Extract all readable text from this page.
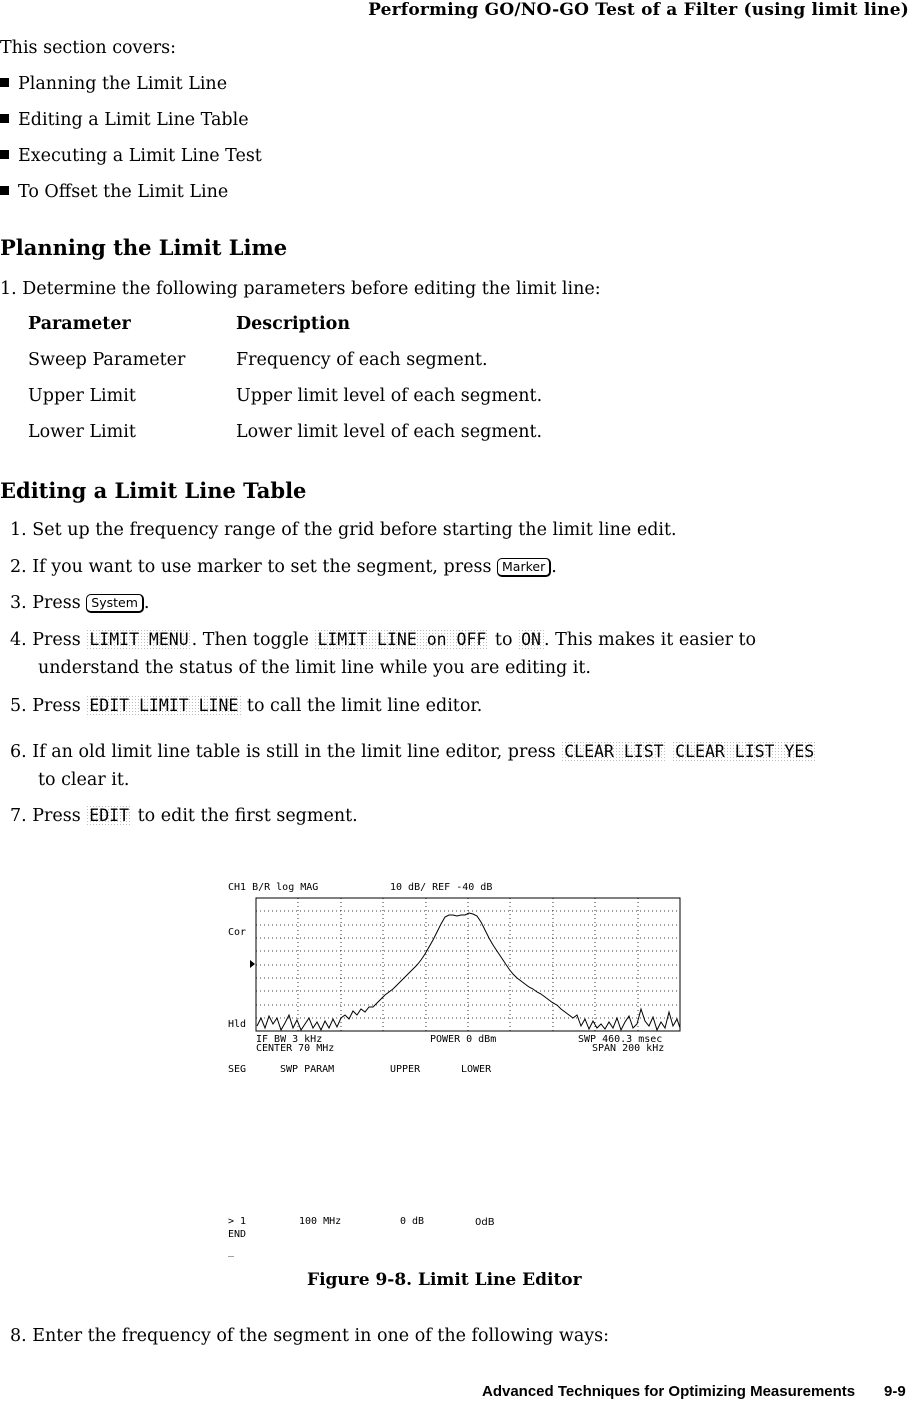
Performing GO/NO-GO Test of a Filter (using limit line)
This section covers:
Planning the Limit Line
Editing a Limit Line Table
Executing a Limit Line Test
To Offset the Limit Line
Planning the Limit Lime
1. Determine the following parameters before editing the limit line:
Parameter	Description
Sweep Parameter	Frequency of each segment.
Upper Limit	Upper limit level of each segment.
Lower Limit	Lower limit level of each segment.
Editing a Limit Line Table
1. Set up the frequency range of the grid before starting the limit line edit.
2. If you want to use marker to set the segment, press Marker .
3. Press System .
4. Press LIMIT MENU . Then toggle LIMIT LINE on OFF to ON . This makes it easier to
understand the status of the limit line while you are editing it.
5. Press EDIT LIMIT LINE to call the limit line editor.
6. If an old limit line table is still in the limit line editor, press CLEAR LIST CLEAR LIST YES
to clear it.
7. Press EDIT to edit the first segment.
CH1 B/R log MAG	10 dB/ REF -40 dB
Cor
Hld
IF BW 3 kHz
CENTER 70 MHz
POWER 0 dBm	SWP 460.3 msec
SPAN 200 kHz
SEG	SWP PARAM	UPPER	LOWER
> 1	100 MHz	0 dB	0dB
END
_
Figure 9-8. Limit Line Editor
8. Enter the frequency of the segment in one of the following ways:
Advanced Techniques for Optimizing Measurements 9-9
